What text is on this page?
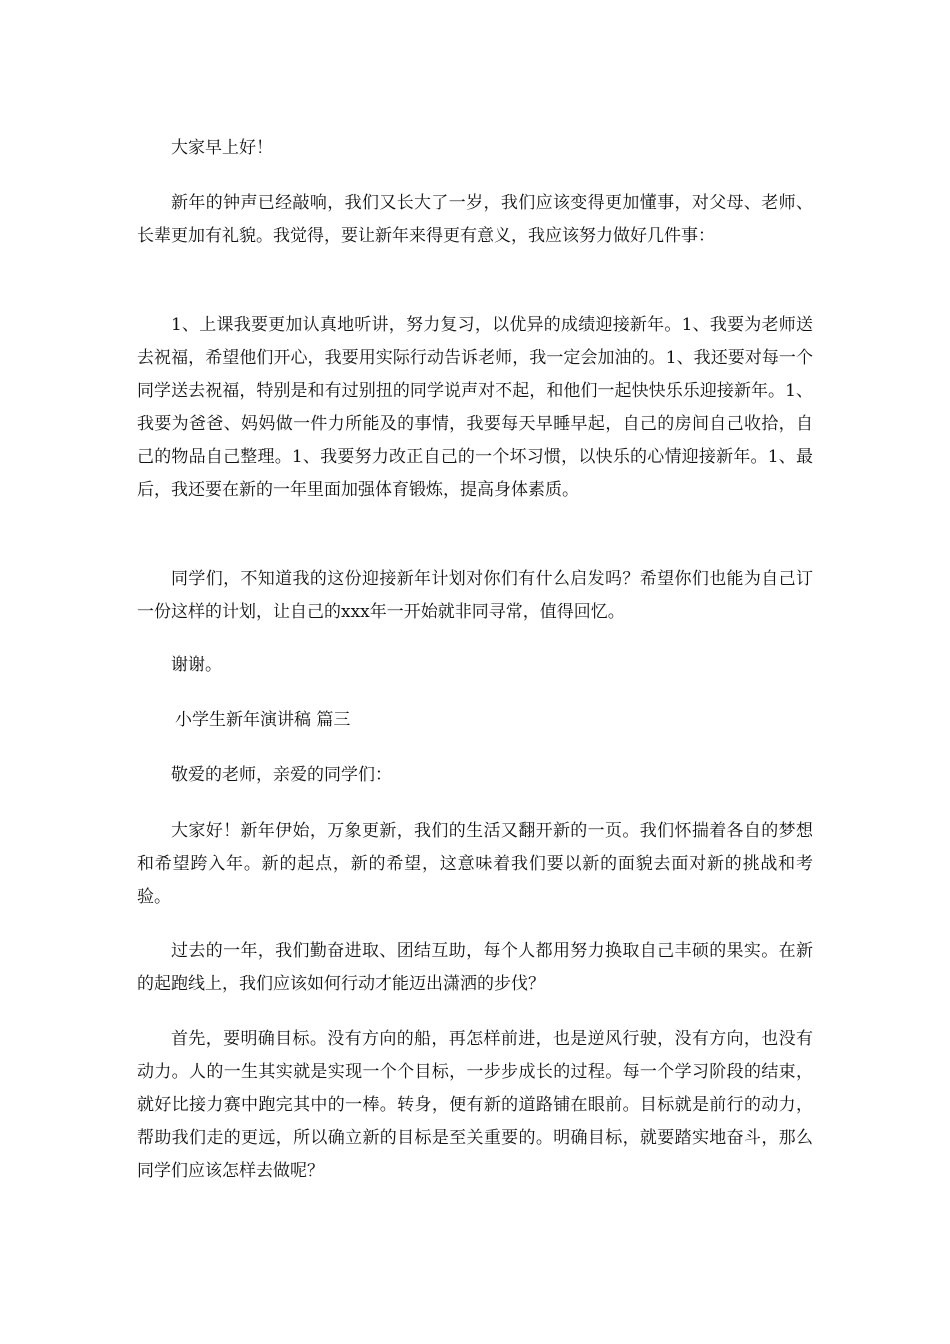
大家早上好！

新年的钟声已经敲响，我们又长大了一岁，我们应该变得更加懂事，对父母、老师、长辈更加有礼貌。我觉得，要让新年来得更有意义，我应该努力做好几件事：

1、上课我要更加认真地听讲，努力复习，以优异的成绩迎接新年。1、我要为老师送去祝福，希望他们开心，我要用实际行动告诉老师，我一定会加油的。1、我还要对每一个同学送去祝福，特别是和有过别扭的同学说声对不起，和他们一起快快乐乐迎接新年。1、我要为爸爸、妈妈做一件力所能及的事情，我要每天早睡早起，自己的房间自己收拾，自己的物品自己整理。1、我要努力改正自己的一个坏习惯，以快乐的心情迎接新年。1、最后，我还要在新的一年里面加强体育锻炼，提高身体素质。

同学们，不知道我的这份迎接新年计划对你们有什么启发吗？希望你们也能为自己订一份这样的计划，让自己的xxx年一开始就非同寻常，值得回忆。

谢谢。

小学生新年演讲稿 篇三

敬爱的老师，亲爱的同学们：

大家好！新年伊始，万象更新，我们的生活又翻开新的一页。我们怀揣着各自的梦想和希望跨入年。新的起点，新的希望，这意味着我们要以新的面貌去面对新的挑战和考验。

过去的一年，我们勤奋进取、团结互助，每个人都用努力换取自己丰硕的果实。在新的起跑线上，我们应该如何行动才能迈出潇洒的步伐？

首先，要明确目标。没有方向的船，再怎样前进，也是逆风行驶，没有方向，也没有动力。人的一生其实就是实现一个个目标，一步步成长的过程。每一个学习阶段的结束，就好比接力赛中跑完其中的一棒。转身，便有新的道路铺在眼前。目标就是前行的动力，帮助我们走的更远，所以确立新的目标是至关重要的。明确目标，就要踏实地奋斗，那么同学们应该怎样去做呢？
